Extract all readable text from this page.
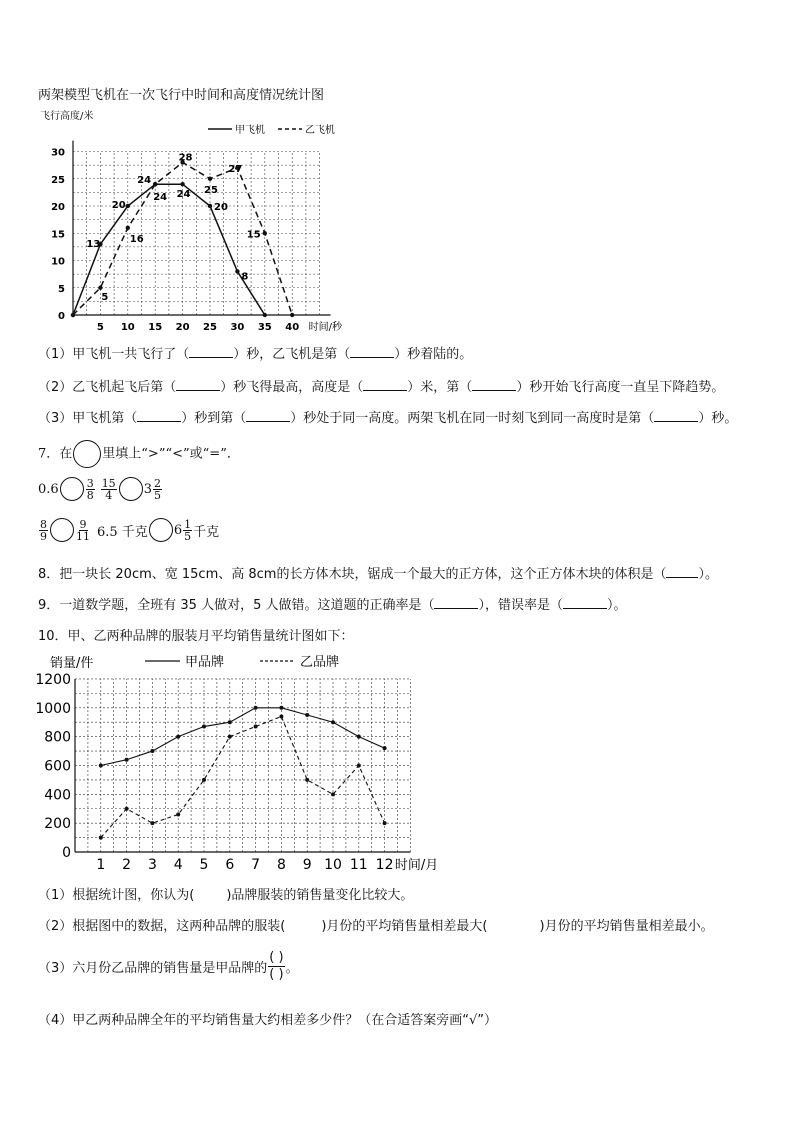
两架模型飞机在一次飞行中时间和高度情况统计图
5 10 15 20 25 30 35 40
30
25
20
15
10
5
0
时间/秒
飞行高度/米
甲飞机	乙飞机
13
20
24
24
20
8
5
16
24
28
25
27
15
（1）甲飞机一共飞行了（	）秒，乙飞机是第（	）秒着陆的。
（2）乙飞机起飞后第（	）秒飞得最高，高度是（	）米，第（	）秒开始飞行高度一直呈下降趋势。
（3）甲飞机第（	）秒到第（	）秒处于同一高度。两架飞机在同一时刻飞到同一高度时是第（	）秒。
7．在 里填上“>”“<”或“=”．
$0.6 \frac{3}{8} \frac{15}{4} 3 \frac{2}{5}$
$\frac{8}{9}$	$\frac{9}{11} 6.5$ 千克 $6 \frac{1}{5}$ 千克
8．把一块长 20cm、宽 15cm、高 8cm的长方体木块，锯成一个最大的正方体，这个正方体木块的体积是（ ）。
9．一道数学题，全班有 35 人做对，5 人做错。这道题的正确率是（	），错误率是（	）。
10．甲、乙两种品牌的服装月平均销售量统计图如下：
1 2 3 4 5 6 7 8 9 10 11 12
1200
1000
800
600
400
200
0
时间/月
销量/件	甲品牌	乙品牌
（1）根据统计图，你认为( )品牌服装的销售量变化比较大。
（2）根据图中的数据，这两种品牌的服装(	)月份的平均销售量相差最大(	)月份的平均销售量相差最小。
（3）六月份乙品牌的销售量是甲品牌的 $\frac{( )}{( )}$ 。
（4）甲乙两种品牌全年的平均销售量大约相差多少件？（在合适答案旁画“√”）
